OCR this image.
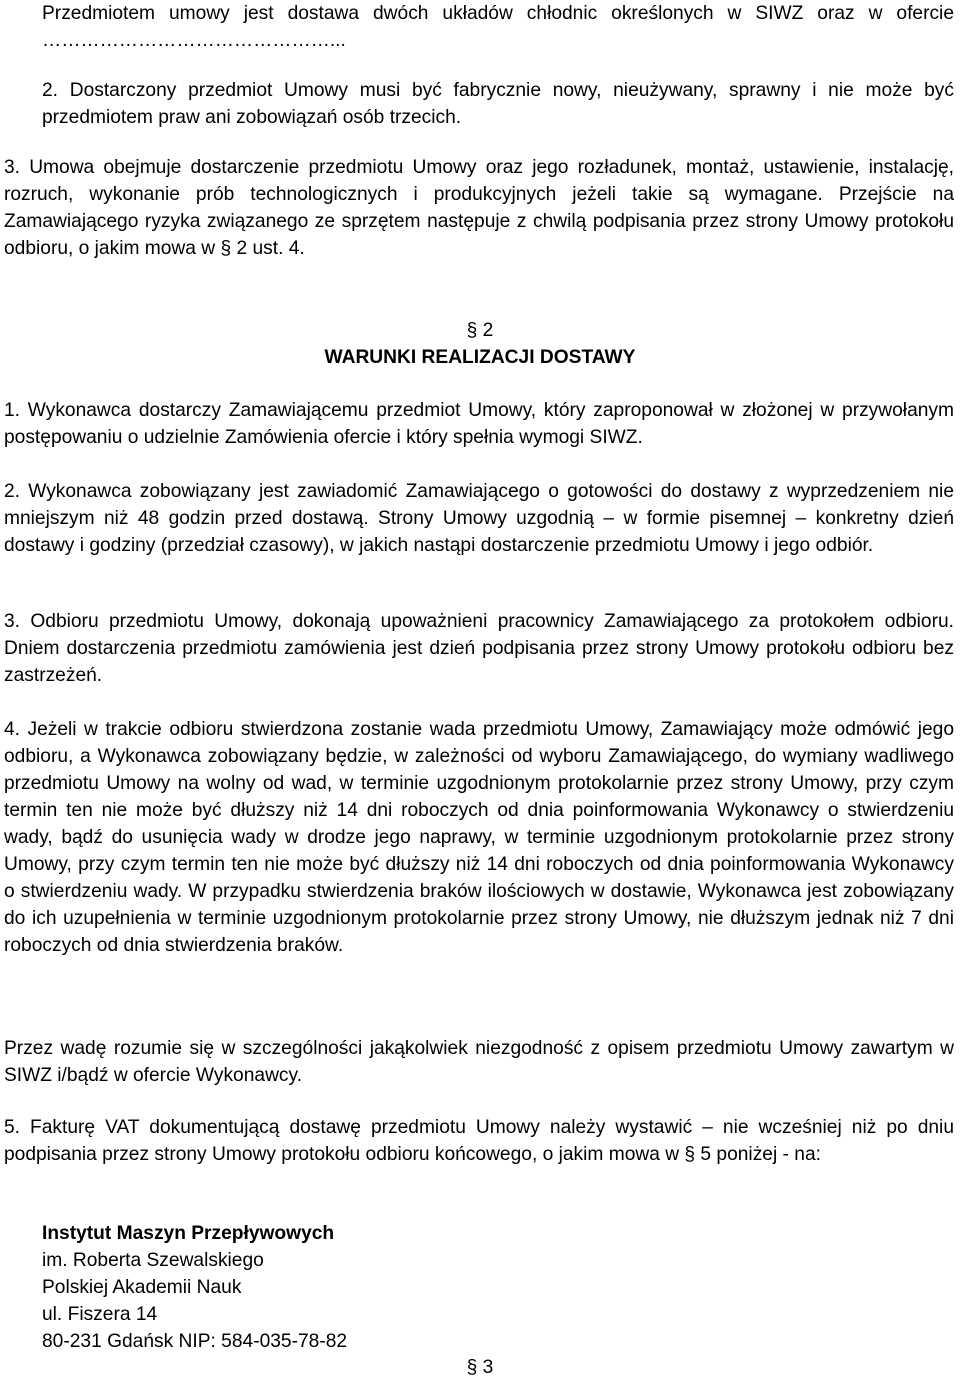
Przedmiotem umowy jest dostawa dwóch układów chłodnic określonych w SIWZ oraz w ofercie ………………………………………...

2. Dostarczony przedmiot Umowy musi być fabrycznie nowy, nieużywany, sprawny i nie może być przedmiotem praw ani zobowiązań osób trzecich.

3. Umowa obejmuje dostarczenie przedmiotu Umowy oraz jego rozładunek, montaż, ustawienie, instalację, rozruch, wykonanie prób technologicznych i produkcyjnych jeżeli takie są wymagane. Przejście na Zamawiającego ryzyka związanego ze sprzętem następuje z chwilą podpisania przez strony Umowy protokołu odbioru, o jakim mowa w § 2 ust. 4.

§ 2

WARUNKI REALIZACJI DOSTAWY

1. Wykonawca dostarczy Zamawiającemu przedmiot Umowy, który zaproponował w złożonej w przywołanym postępowaniu o udzielnie Zamówienia ofercie i który spełnia wymogi SIWZ.

2. Wykonawca zobowiązany jest zawiadomić Zamawiającego o gotowości do dostawy z wyprzedzeniem nie mniejszym niż 48 godzin przed dostawą. Strony Umowy uzgodnią – w formie pisemnej – konkretny dzień dostawy i godziny (przedział czasowy), w jakich nastąpi dostarczenie przedmiotu Umowy i jego odbiór.

3. Odbioru przedmiotu Umowy, dokonają upoważnieni pracownicy Zamawiającego za protokołem odbioru. Dniem dostarczenia przedmiotu zamówienia jest dzień podpisania przez strony Umowy protokołu odbioru bez zastrzeżeń.

4. Jeżeli w trakcie odbioru stwierdzona zostanie wada przedmiotu Umowy, Zamawiający może odmówić jego odbioru, a Wykonawca zobowiązany będzie, w zależności od wyboru Zamawiającego, do wymiany wadliwego przedmiotu Umowy na wolny od wad, w terminie uzgodnionym protokolarnie przez strony Umowy, przy czym termin ten nie może być dłuższy niż 14 dni roboczych od dnia poinformowania Wykonawcy o stwierdzeniu wady, bądź do usunięcia wady w drodze jego naprawy, w terminie uzgodnionym protokolarnie przez strony Umowy, przy czym termin ten nie może być dłuższy niż 14 dni roboczych od dnia poinformowania Wykonawcy o stwierdzeniu wady. W przypadku stwierdzenia braków ilościowych w dostawie, Wykonawca jest zobowiązany do ich uzupełnienia w terminie uzgodnionym protokolarnie przez strony Umowy, nie dłuższym jednak niż 7 dni roboczych od dnia stwierdzenia braków.

Przez wadę rozumie się w szczególności jakąkolwiek niezgodność z opisem przedmiotu Umowy zawartym w SIWZ i/bądź w ofercie Wykonawcy.

5. Fakturę VAT dokumentującą dostawę przedmiotu Umowy należy wystawić – nie wcześniej niż po dniu podpisania przez strony Umowy protokołu odbioru końcowego, o jakim mowa w § 5 poniżej - na:

Instytut Maszyn Przepływowych
im. Roberta Szewalskiego
Polskiej Akademii Nauk
ul. Fiszera 14
80-231 Gdańsk NIP: 584-035-78-82

§ 3
